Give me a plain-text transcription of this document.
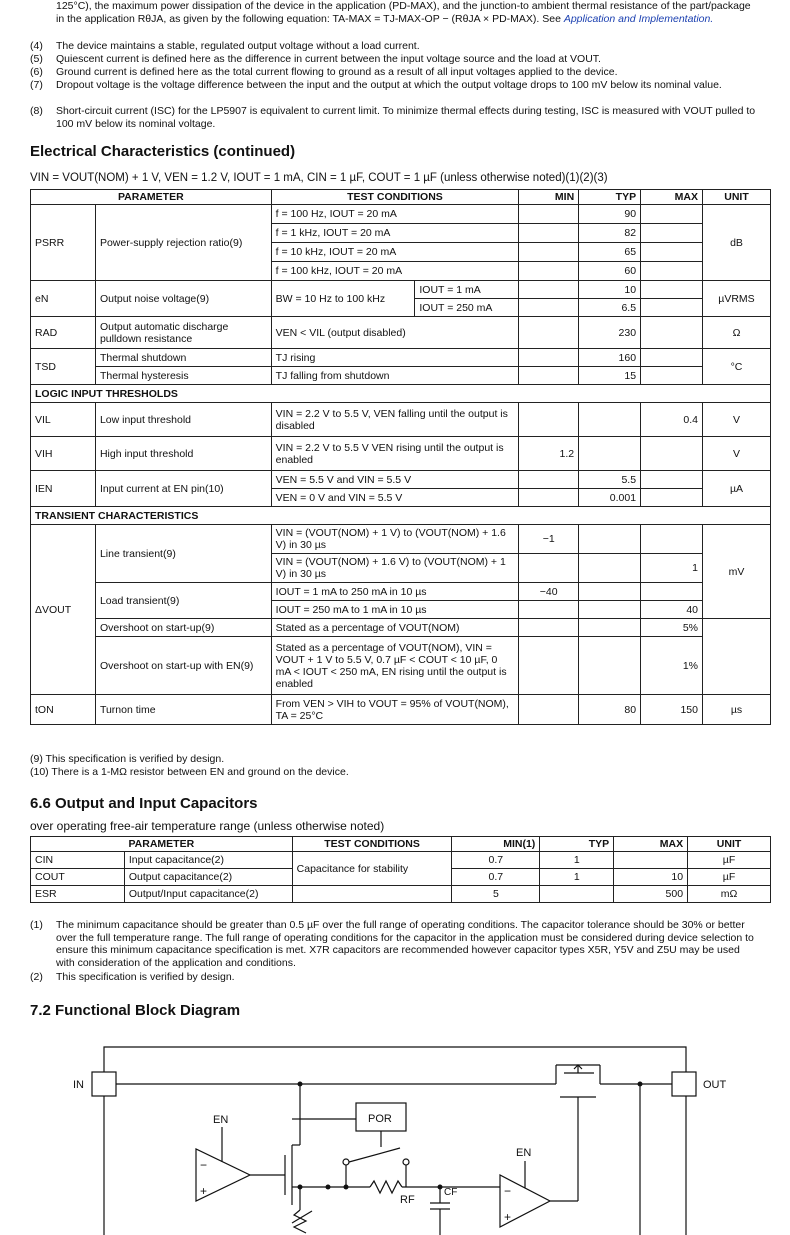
125°C), the maximum power dissipation of the device in the application (PD-MAX), and the junction-to ambient thermal resistance of the part/package in the application RθJA, as given by the following equation: TA-MAX = TJ-MAX-OP − (RθJA × PD-MAX). See Application and Implementation.
(4) The device maintains a stable, regulated output voltage without a load current.
(5) Quiescent current is defined here as the difference in current between the input voltage source and the load at VOUT.
(6) Ground current is defined here as the total current flowing to ground as a result of all input voltages applied to the device.
(7) Dropout voltage is the voltage difference between the input and the output at which the output voltage drops to 100 mV below its nominal value.
(8) Short-circuit current (ISC) for the LP5907 is equivalent to current limit. To minimize thermal effects during testing, ISC is measured with VOUT pulled to 100 mV below its nominal voltage.
Electrical Characteristics (continued)
VIN = VOUT(NOM) + 1 V, VEN = 1.2 V, IOUT = 1 mA, CIN = 1 µF, COUT = 1 µF (unless otherwise noted)(1)(2)(3)
PARAMETER		TEST CONDITIONS		MIN	TYP	MAX	UNIT
PSRR	Power-supply rejection ratio(9)	f = 100 Hz, IOUT = 20 mA			90		dB
		f = 1 kHz, IOUT = 20 mA			82		
		f = 10 kHz, IOUT = 20 mA			65		
		f = 100 kHz, IOUT = 20 mA			60		
eN	Output noise voltage(9)	BW = 10 Hz to 100 kHz	IOUT = 1 mA		10		µVRMS
			IOUT = 250 mA		6.5		
RAD	Output automatic discharge pulldown resistance	VEN < VIL (output disabled)			230		Ω
TSD	Thermal shutdown	TJ rising			160		°C
	Thermal hysteresis	TJ falling from shutdown			15		
LOGIC INPUT THRESHOLDS							
VIL	Low input threshold	VIN = 2.2 V to 5.5 V, VEN falling until the output is disabled				0.4	V
VIH	High input threshold	VIN = 2.2 V to 5.5 V VEN rising until the output is enabled		1.2			V
IEN	Input current at EN pin(10)	VEN = 5.5 V and VIN = 5.5 V			5.5		µA
		VEN = 0 V and VIN = 5.5 V			0.001		
TRANSIENT CHARACTERISTICS							
ΔVOUT	Line transient(9)	VIN = (VOUT(NOM) + 1 V) to (VOUT(NOM) + 1.6 V) in 30 µs		−1			mV
		VIN = (VOUT(NOM) + 1.6 V) to (VOUT(NOM) + 1 V) in 30 µs				1	
	Load transient(9)	IOUT = 1 mA to 250 mA in 10 µs		−40			
		IOUT = 250 mA to 1 mA in 10 µs				40	
	Overshoot on start-up(9)	Stated as a percentage of VOUT(NOM)				5%	
	Overshoot on start-up with EN(9)	Stated as a percentage of VOUT(NOM), VIN = VOUT + 1 V to 5.5 V, 0.7 µF < COUT < 10 µF, 0 mA < IOUT < 250 mA, EN rising until the output is enabled				1%	
tON	Turnon time	From VEN > VIH to VOUT = 95% of VOUT(NOM), TA = 25°C			80	150	µs
(9) This specification is verified by design.
(10) There is a 1-MΩ resistor between EN and ground on the device.
6.6 Output and Input Capacitors
over operating free-air temperature range (unless otherwise noted)
PARAMETER		TEST CONDITIONS	MIN(1)	TYP	MAX	UNIT
CIN	Input capacitance(2)	Capacitance for stability	0.7	1		µF
COUT	Output capacitance(2)		0.7	1	10	µF
ESR	Output/Input capacitance(2)		5		500	mΩ
(1) The minimum capacitance should be greater than 0.5 µF over the full range of operating conditions. The capacitor tolerance should be 30% or better over the full temperature range. The full range of operating conditions for the capacitor in the application must be considered during device selection to ensure this minimum capacitance specification is met. X7R capacitors are recommended however capacitor types X5R, Y5V and Z5U may be used with consideration of the application and conditions.
(2) This specification is verified by design.
7.2 Functional Block Diagram
IN	OUT
EN
EN
POR
RF
CF
−
+	−
+
